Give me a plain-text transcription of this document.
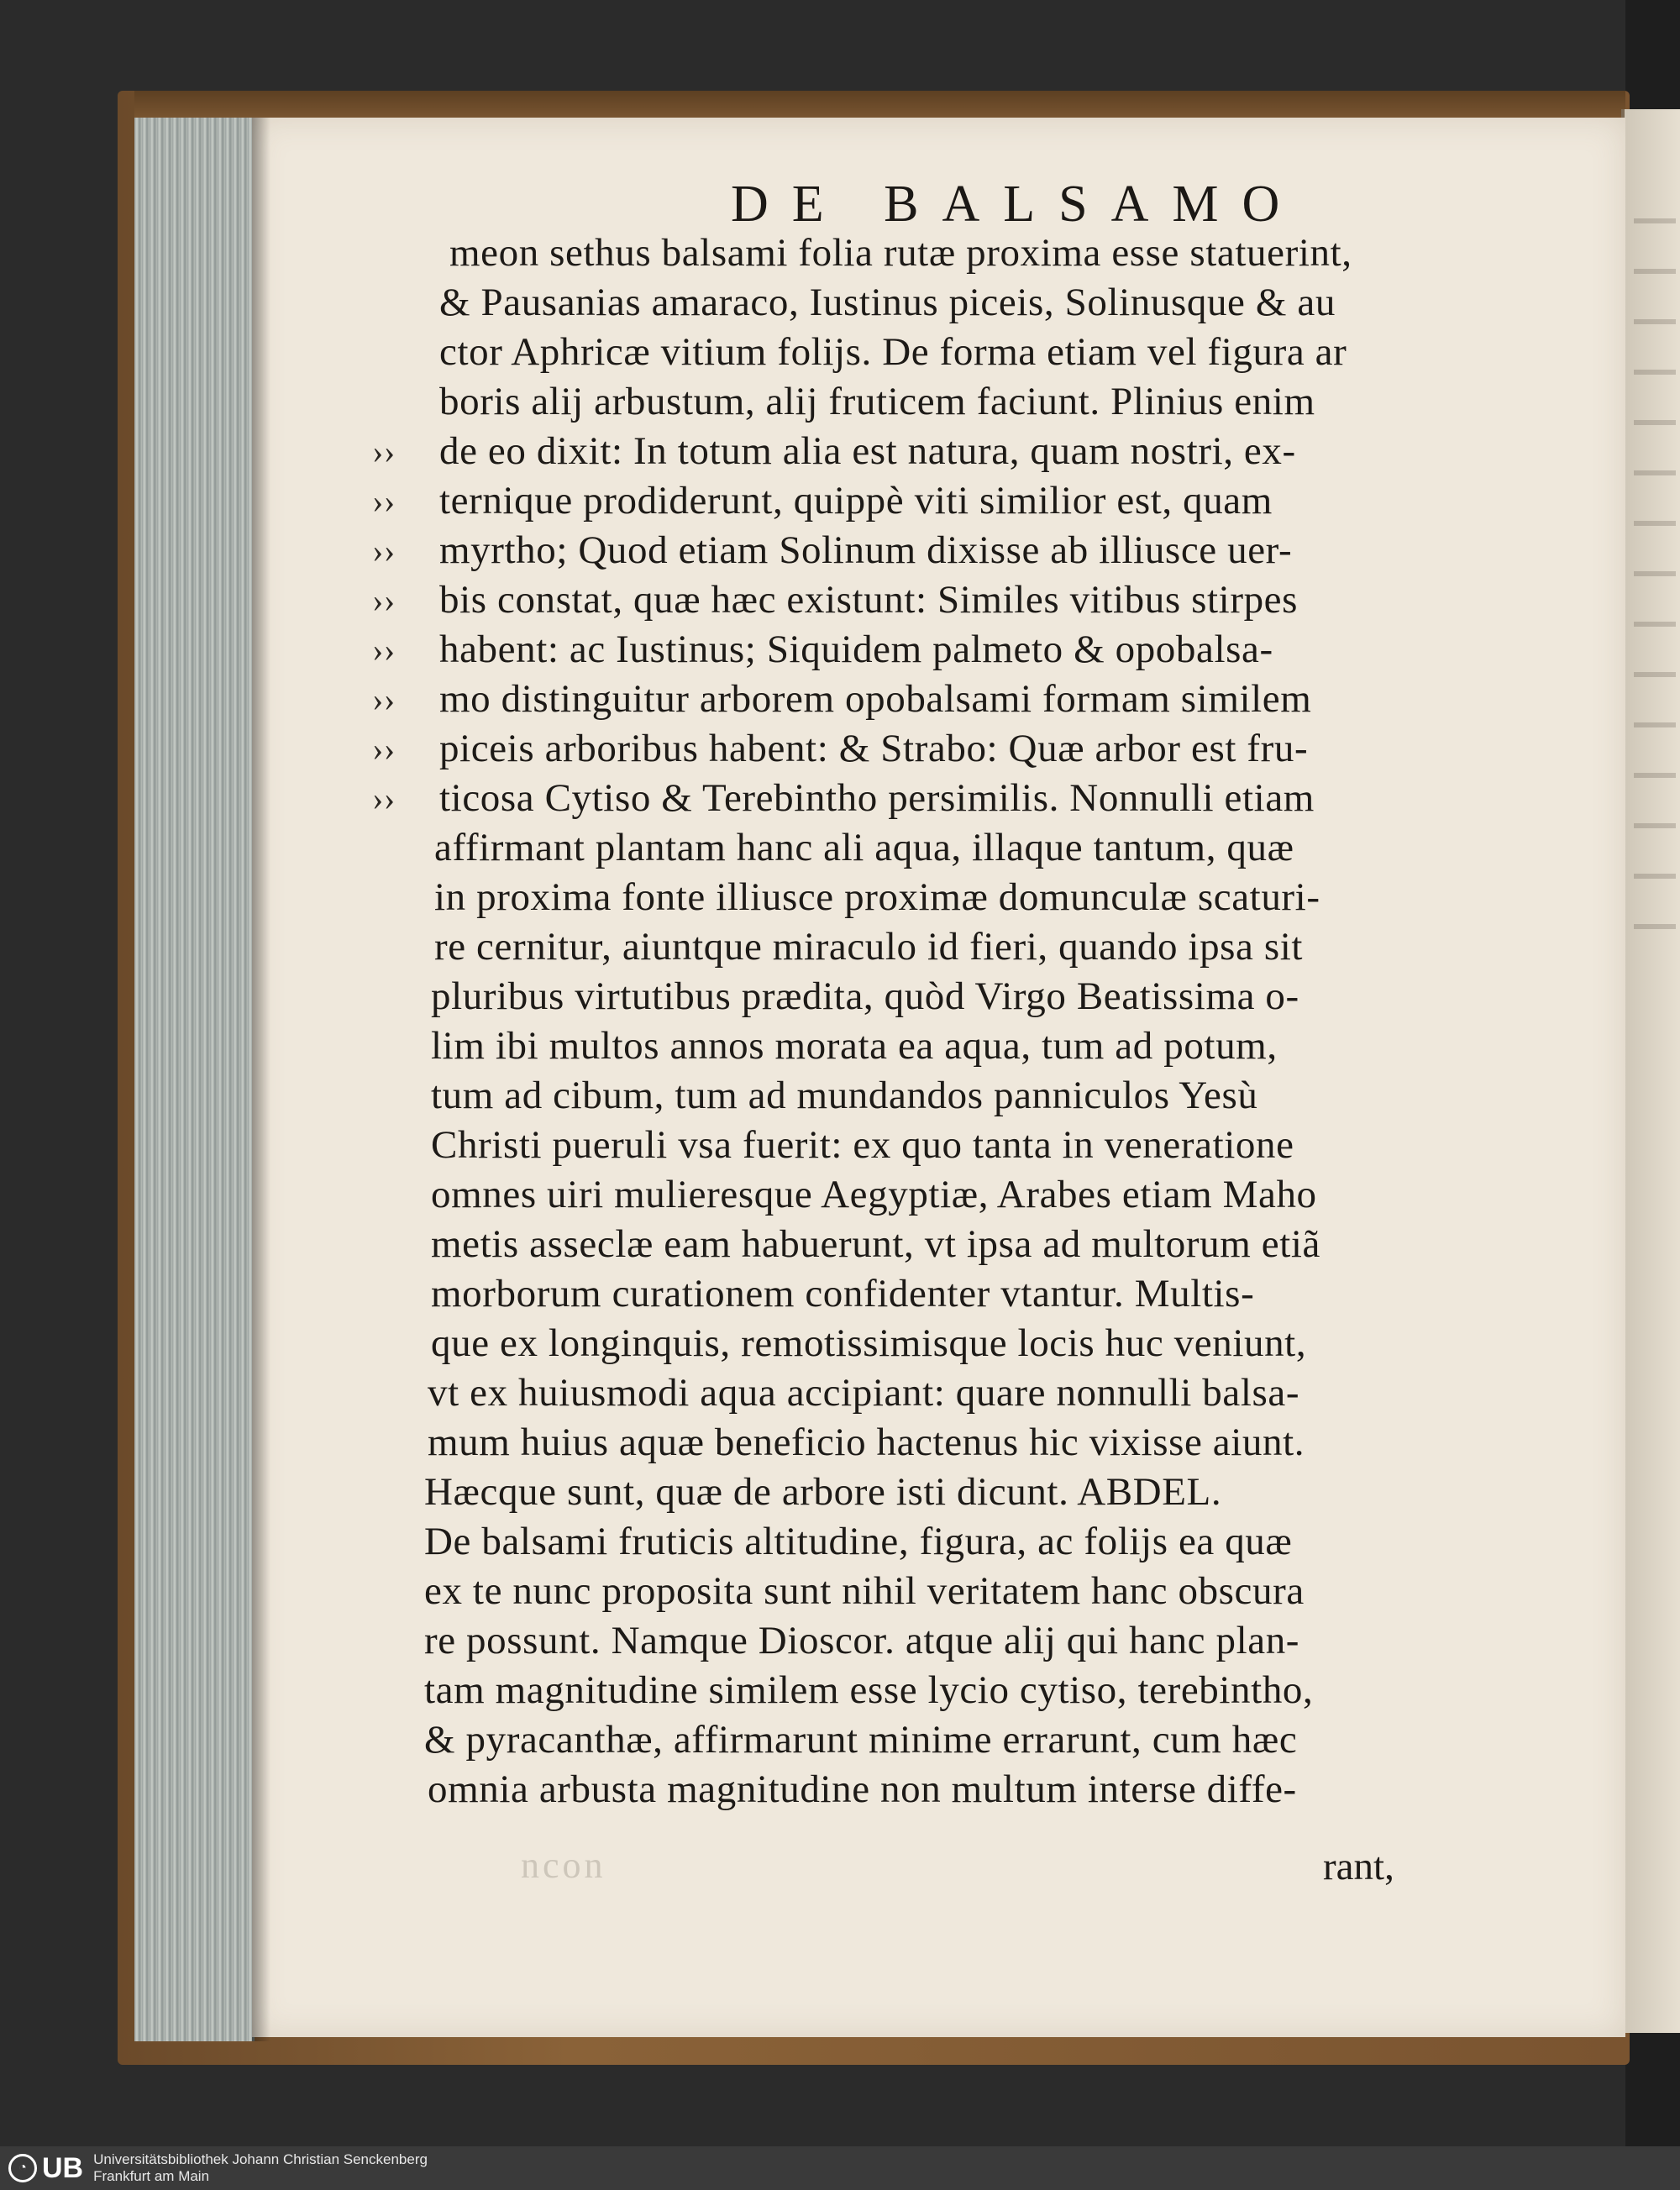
DE BALSAMO
meon sethus balsami folia rutæ proxima esse statuerint,
& Pausanias amaraco, Iustinus piceis, Solinusque & au
ctor Aphricæ vitium folijs. De forma etiam vel figura ar
boris alij arbustum, alij fruticem faciunt. Plinius enim
›› de eo dixit: In totum alia est natura, quam nostri, ex-
›› ternique prodiderunt, quippè viti similior est, quam
›› myrtho; Quod etiam Solinum dixisse ab illiusce uer-
›› bis constat, quæ hæc existunt: Similes vitibus stirpes
›› habent: ac Iustinus; Siquidem palmeto & opobalsa-
›› mo distinguitur arborem opobalsami formam similem
›› piceis arboribus habent: & Strabo: Quæ arbor est fru-
›› ticosa Cytiso & Terebintho persimilis. Nonnulli etiam
affirmant plantam hanc ali aqua, illaque tantum, quæ
in proxima fonte illiusce proximæ domunculæ scaturi-
re cernitur, aiuntque miraculo id fieri, quando ipsa sit
pluribus virtutibus prædita, quòd Virgo Beatissima o-
lim ibi multos annos morata ea aqua, tum ad potum,
tum ad cibum, tum ad mundandos panniculos Yesù
Christi pueruli vsa fuerit: ex quo tanta in veneratione
omnes uiri mulieresque Aegyptiæ, Arabes etiam Maho
metis asseclæ eam habuerunt, vt ipsa ad multorum etiã
morborum curationem confidenter vtantur. Multis-
que ex longinquis, remotissimisque locis huc veniunt,
vt ex huiusmodi aqua accipiant: quare nonnulli balsa-
mum huius aquæ beneficio hactenus hic vixisse aiunt.
Hæcque sunt, quæ de arbore isti dicunt. ABDEL.
De balsami fruticis altitudine, figura, ac folijs ea quæ
ex te nunc proposita sunt nihil veritatem hanc obscura
re possunt. Namque Dioscor. atque alij qui hanc plan-
tam magnitudine similem esse lycio cytiso, terebintho,
& pyracanthæ, affirmarunt minime errarunt, cum hæc
omnia arbusta magnitudine non multum interse diffe-
ncon	rant,
◔ UB Universitätsbibliothek Johann Christian Senckenberg
Frankfurt am Main
